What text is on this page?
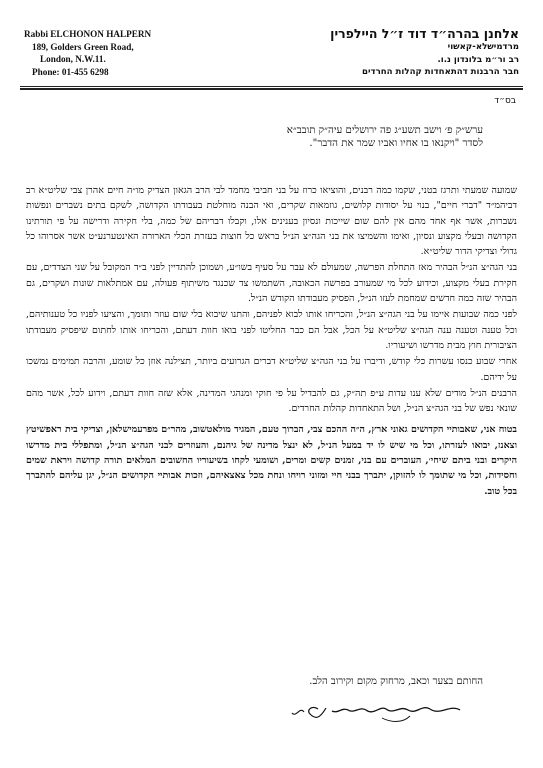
Rabbi ELCHONON HALPERN
189, Golders Green Road,
London, N.W.11.
Phone: 01-455 6298
אלחנן בהרה״ד דוד ז״ל היילפרין
מרדמישלא-קאשוי
רב ור״מ בלונדון נ.ו.
חבר הרבנות דהתאחדות קהלות החרדים
בס״ד
ערש״ק פ׳ וישב תשע״ג פה ירושלים עיה״ק תובב״א
לסדר "ויקנאו בו אחיו ואביו שמר את הדבר".

שמועה שמעתי ותרגז בטני, שקמו כמה רבנים, והוציאו כרוז על בני חביבי מחמד לבי הרב הגאון הצדיק מו״ה חיים אהרן צבי שליט״א רב דביהמ״ד "דברי חיים", בנוי על יסודות קלושים, גוזמאות שקרים, ואי הבנה מוחלטת בעבודתו הקדושה, לשקם בתים נשברים ונפשות נשברות, אשר אף אחד מהם אין להם שום שייכות ונסיון בענינים אלו, וקבלו דבריהם של כמה, בלי חקירה ודרישה על פי תורתינו הקדושה ובעלי מקצוע ונסיון, ואימו והשמיצו את בני הגה״צ הנ״ל בראש כל חוצות בעזרת הכלי הארורה האינטערנע״ט אשר אסרוהו כל גדולי וצדיקי הדור שליט״א.

בני הגה״צ הנ״ל הבהיר מאז התחלת הפרשה, שמעולם לא עבר על סעיף בשו״ע, ושמוכן להתדיין לפני ב״ד המקובל על שני הצדדים, עם חקירת בעלי מקצוע, וכידוע לכל מי שמעורב בפרשה הכאובה, השתמשו צד שכנגד משיתוף פעולה, עם אמתלאות שונות ושקרים, גם הבהיר שזה כמה חדשים שמחמת לעזו הנ״ל, הפסיק מעבודתו הקודש הנ״ל.

לפני כמה שבועות איימו על בני הגה״צ הנ״ל, והכריחו אותו לבוא לפניהם, והתנו שיבוא בלי שום עוזר ותומך, והציעו לפניו כל טענותיהם, וכל טענה וטענה ענה הגה״צ שליט״א על הכל, אבל הם כבר החליטו לפני בואו חוות דעתם, והכריחו אותו לחתום שיפסיק מעבודתו הציבורית חוץ מבית מדרשו ושיעוריו.

אחרי שבוע כנסו עשרות כלי קודש, ודיברו על בני הגה״צ שליט״א דברים הגרועים ביותר, תצילנה אוזן כל שומע, והרבה תמימים נמשכו על ידיהם.

הרבנים הנ״ל מודים שלא ענו עדות ע״פ תה״ק, גם להבדיל על פי חוקי ומנהגי המדינה, אלא שזה חוות דעתם, וידוע לכל, אשר מהם שונאי נפש של בני הגה״צ הנ״ל, ושל התאחדות קהלות החרדים.

בטוח אני, שאבותיי הקדושים גאוני ארץ, ה״ה ההכם צבי, הברוך טעם, המגיד מולאטשוב, מהר״ם מפרעמישלאן, וצדיקי בית ראפשיטץ וצאנז, יבואו לעזרתו, וכל מי שיש לו יד במעל הנ״ל, לא ינצל מדינה של גיהנם, והעוזרים לבני הגה״צ הנ״ל, ומתפללי בית מדרשו היקרים ובני ביתם שיחי׳, העוברים עם בני, זמנים קשים ומרים, ושומעי לקחו בשיעוריו החשובים המלאים תורה קדושה ויראת שמים וחסידות, וכל מי שתומך לו להזוקן, יתברך בבני חיי ומזוני רויחו ונחת מכל צאצאיהם, וזכות אבותיי הקדושים הנ״ל, יגן עליהם להתברך בכל טוב.

החותם בצער וכאב, מרחוק מקום וקירוב הלב.
